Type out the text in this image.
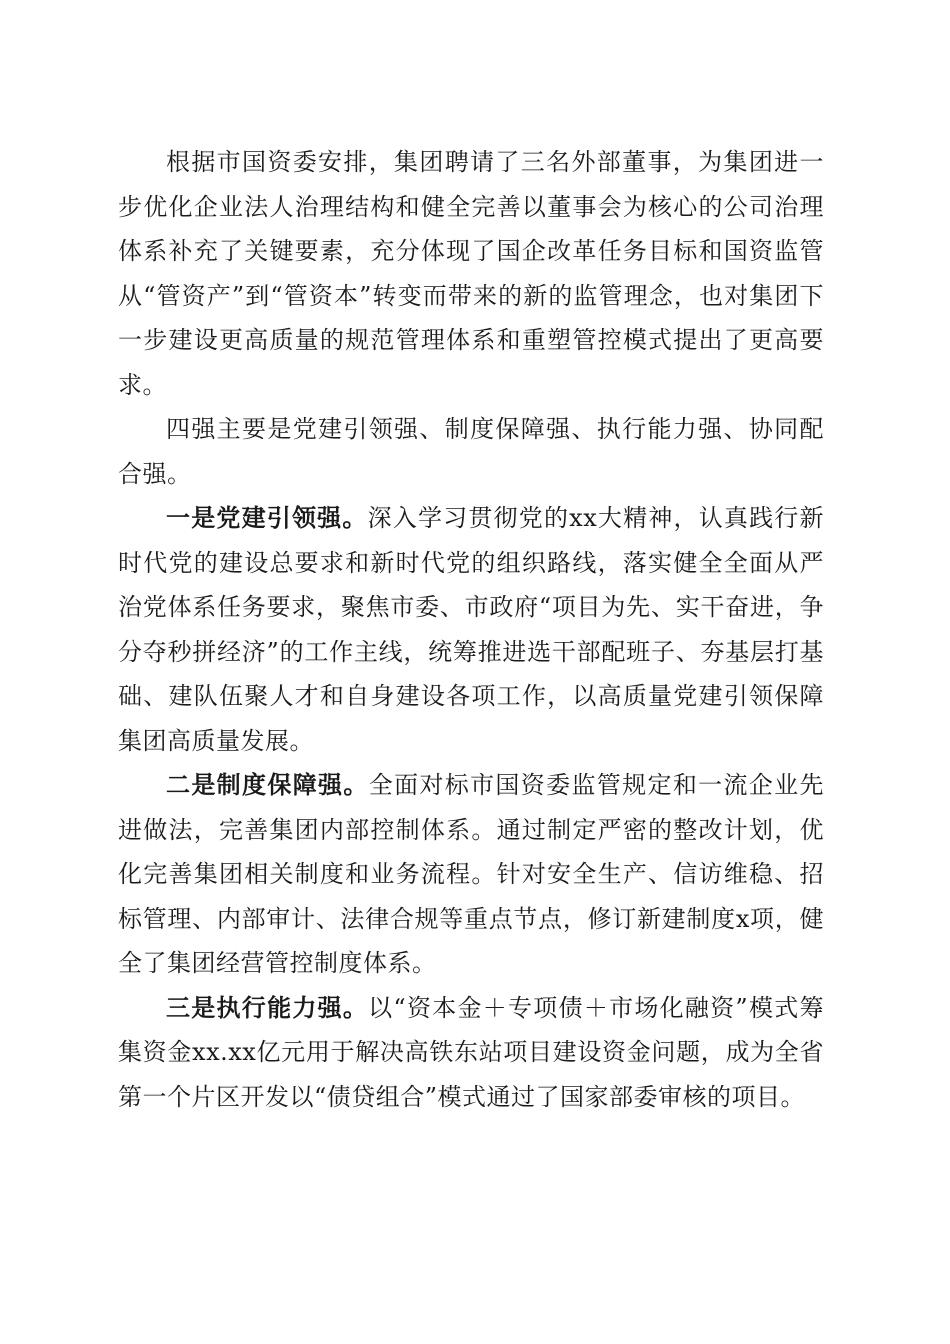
根据市国资委安排，集团聘请了三名外部董事，为集团进一步优化企业法人治理结构和健全完善以董事会为核心的公司治理体系补充了关键要素，充分体现了国企改革任务目标和国资监管从“管资产”到“管资本”转变而带来的新的监管理念，也对集团下一步建设更高质量的规范管理体系和重塑管控模式提出了更高要求。

四强主要是党建引领强、制度保障强、执行能力强、协同配合强。

一是党建引领强。深入学习贯彻党的xx大精神，认真践行新时代党的建设总要求和新时代党的组织路线，落实健全全面从严治党体系任务要求，聚焦市委、市政府“项目为先、实干奋进，争分夺秒拼经济”的工作主线，统筹推进选干部配班子、夯基层打基础、建队伍聚人才和自身建设各项工作，以高质量党建引领保障集团高质量发展。

二是制度保障强。全面对标市国资委监管规定和一流企业先进做法，完善集团内部控制体系。通过制定严密的整改计划，优化完善集团相关制度和业务流程。针对安全生产、信访维稳、招标管理、内部审计、法律合规等重点节点，修订新建制度x项，健全了集团经营管控制度体系。

三是执行能力强。以“资本金＋专项债＋市场化融资”模式筹集资金xx.xx亿元用于解决高铁东站项目建设资金问题，成为全省第一个片区开发以“债贷组合”模式通过了国家部委审核的项目。
